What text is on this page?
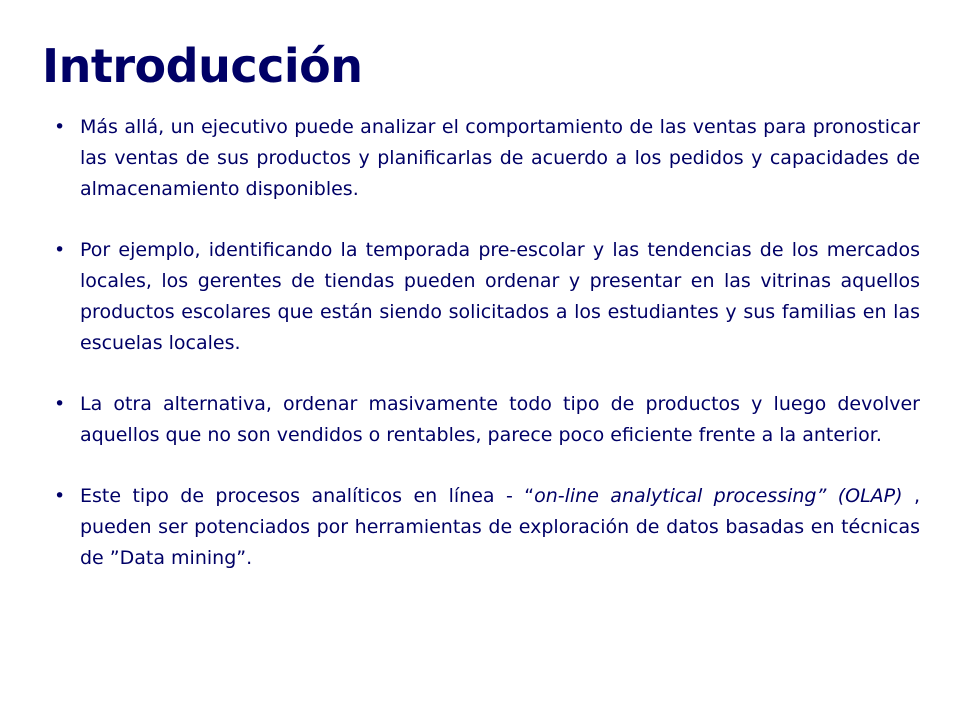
Introducción
• Más allá, un ejecutivo puede analizar el comportamiento de las ventas para pronosticar las ventas de sus productos y planificarlas de acuerdo a los pedidos y capacidades de almacenamiento disponibles.
• Por ejemplo, identificando la temporada pre-escolar y las tendencias de los mercados locales, los gerentes de tiendas pueden ordenar y presentar en las vitrinas aquellos productos escolares que están siendo solicitados a los estudiantes y sus familias en las escuelas locales.
• La otra alternativa, ordenar masivamente todo tipo de productos y luego devolver aquellos que no son vendidos o rentables, parece poco eficiente frente a la anterior.
• Este tipo de procesos analíticos en línea - “on-line analytical processing” (OLAP) , pueden ser potenciados por herramientas de exploración de datos basadas en técnicas de ”Data mining”.
